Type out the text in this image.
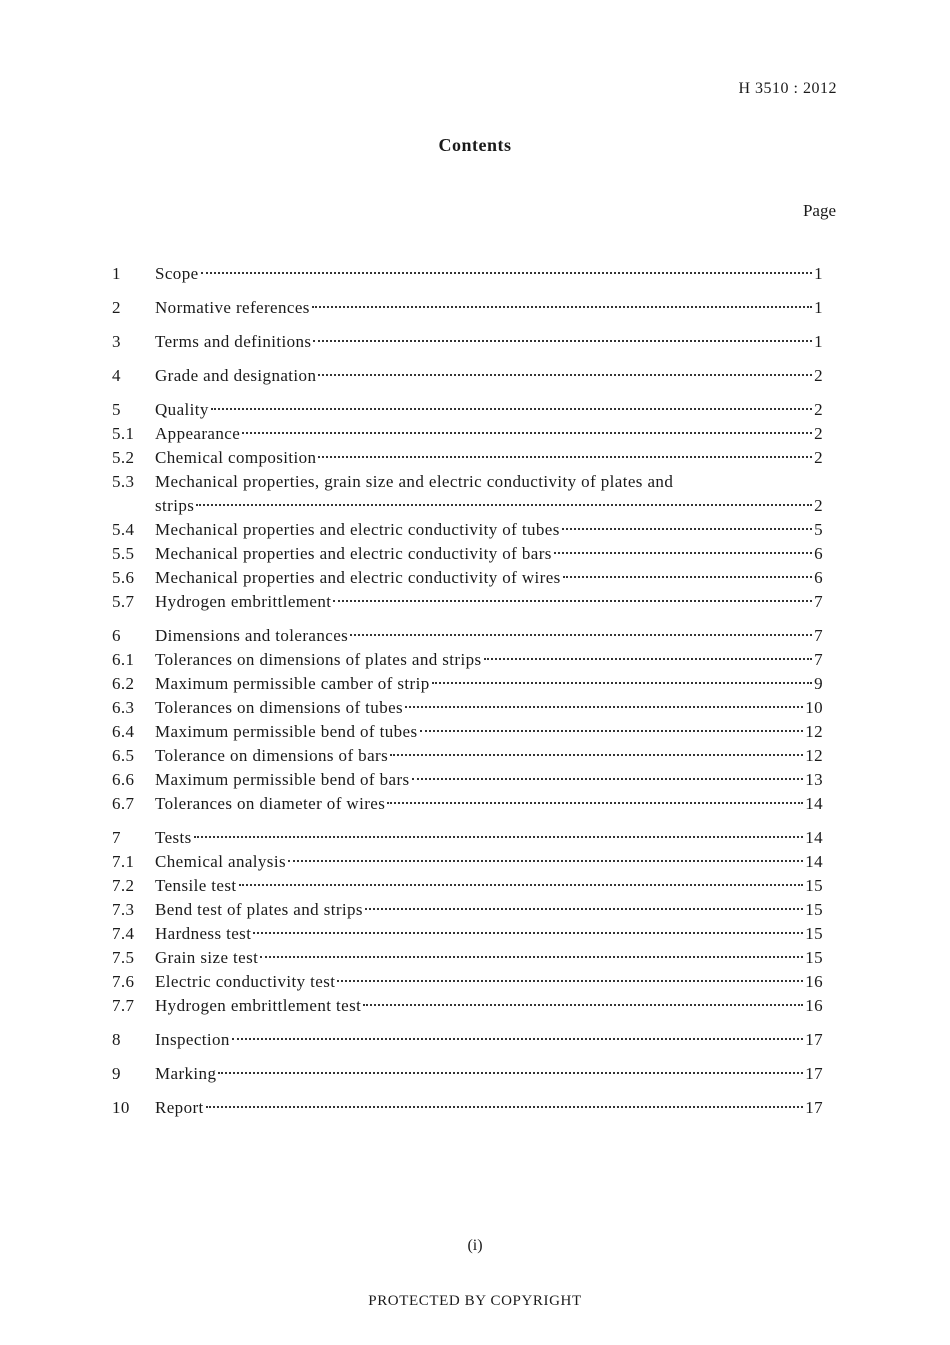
H 3510 : 2012
Contents
Page
1 Scope	1
2 Normative references	1
3 Terms and definitions	1
4 Grade and designation	2
5 Quality	2
5.1 Appearance	2
5.2 Chemical composition	2
5.3 Mechanical properties, grain size and electric conductivity of plates and
strips	2
5.4 Mechanical properties and electric conductivity of tubes	5
5.5 Mechanical properties and electric conductivity of bars	6
5.6 Mechanical properties and electric conductivity of wires	6
5.7 Hydrogen embrittlement	7
6 Dimensions and tolerances	7
6.1 Tolerances on dimensions of plates and strips	7
6.2 Maximum permissible camber of strip	9
6.3 Tolerances on dimensions of tubes	10
6.4 Maximum permissible bend of tubes	12
6.5 Tolerance on dimensions of bars	12
6.6 Maximum permissible bend of bars	13
6.7 Tolerances on diameter of wires	14
7 Tests	14
7.1 Chemical analysis	14
7.2 Tensile test	15
7.3 Bend test of plates and strips	15
7.4 Hardness test	15
7.5 Grain size test	15
7.6 Electric conductivity test	16
7.7 Hydrogen embrittlement test	16
8 Inspection	17
9 Marking	17
10 Report	17
(i)
PROTECTED BY COPYRIGHT
